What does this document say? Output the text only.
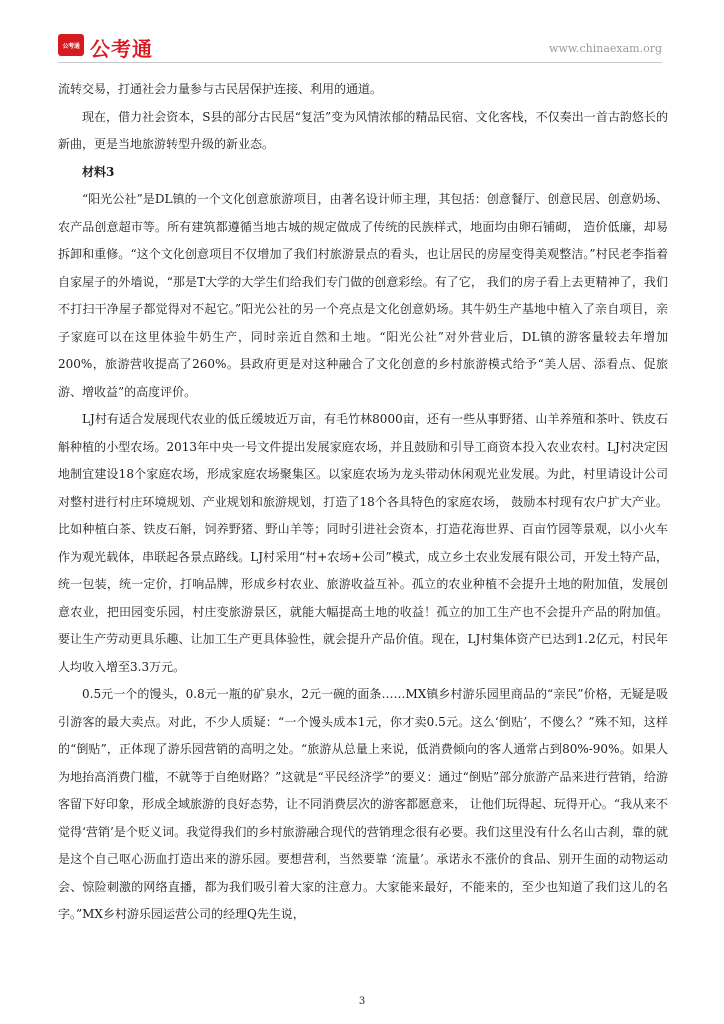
公考通 公考通	www.chinaexam.org

流转交易，打通社会力量参与古民居保护连接、利用的通道。

现在，借力社会资本，S县的部分古民居“复活”变为风情浓郁的精品民宿、文化客栈，不仅奏出一首古韵悠长的新曲，更是当地旅游转型升级的新业态。

材料3

“阳光公社”是DL镇的一个文化创意旅游项目，由著名设计师主理，其包括：创意餐厅、创意民居、创意奶场、农产品创意超市等。所有建筑都遵循当地古城的规定做成了传统的民族样式，地面均由卵石铺砌， 造价低廉，却易拆卸和重修。“这个文化创意项目不仅增加了我们村旅游景点的看头，也让居民的房屋变得美观整洁。”村民老李指着自家屋子的外墙说，“那是T大学的大学生们给我们专门做的创意彩绘。有了它， 我们的房子看上去更精神了，我们不打扫干净屋子都觉得对不起它。”阳光公社的另一个亮点是文化创意奶场。其牛奶生产基地中植入了亲自项目，亲子家庭可以在这里体验牛奶生产，同时亲近自然和土地。“阳光公社”对外营业后，DL镇的游客量较去年增加200%，旅游营收提高了260%。县政府更是对这种融合了文化创意的乡村旅游模式给予“美人居、添看点、促旅游、增收益”的高度评价。

LJ村有适合发展现代农业的低丘缓坡近万亩，有毛竹林8000亩，还有一些从事野猪、山羊养殖和茶叶、铁皮石斛种植的小型农场。2013年中央一号文件提出发展家庭农场，并且鼓励和引导工商资本投入农业农村。LJ村决定因地制宜建设18个家庭农场，形成家庭农场聚集区。以家庭农场为龙头带动休闲观光业发展。为此，村里请设计公司对整村进行村庄环境规划、产业规划和旅游规划，打造了18个各具特色的家庭农场， 鼓励本村现有农户扩大产业。比如种植白茶、铁皮石斛，饲养野猪、野山羊等；同时引进社会资本，打造花海世界、百亩竹园等景观，以小火车作为观光载体，串联起各景点路线。LJ村采用“村+农场+公司”模式，成立乡土农业发展有限公司，开发土特产品，统一包装，统一定价，打响品牌，形成乡村农业、旅游收益互补。孤立的农业种植不会提升土地的附加值，发展创意农业，把田园变乐园，村庄变旅游景区，就能大幅提高土地的收益！孤立的加工生产也不会提升产品的附加值。要让生产劳动更具乐趣、让加工生产更具体验性，就会提升产品价值。现在，LJ村集体资产已达到1.2亿元，村民年人均收入增至3.3万元。

0.5元一个的馒头，0.8元一瓶的矿泉水，2元一碗的面条……MX镇乡村游乐园里商品的“亲民”价格，无疑是吸引游客的最大卖点。对此，不少人质疑：“一个馒头成本1元，你才卖0.5元。这么‘倒贴’，不傻么？”殊不知，这样的“倒贴”，正体现了游乐园营销的高明之处。“旅游从总量上来说，低消费倾向的客人通常占到80%-90%。如果人为地抬高消费门槛，不就等于自绝财路？”这就是“平民经济学”的要义：通过“倒贴”部分旅游产品来进行营销，给游客留下好印象，形成全域旅游的良好态势，让不同消费层次的游客都愿意来， 让他们玩得起、玩得开心。“我从来不觉得‘营销’是个贬义词。我觉得我们的乡村旅游融合现代的营销理念很有必要。我们这里没有什么名山古刹，靠的就是这个自己呕心沥血打造出来的游乐园。要想营利，当然要靠 ‘流量’。承诺永不涨价的食品、别开生面的动物运动会、惊险刺激的网络直播，都为我们吸引着大家的注意力。大家能来最好，不能来的，至少也知道了我们这儿的名字。”MX乡村游乐园运营公司的经理Q先生说，

3
